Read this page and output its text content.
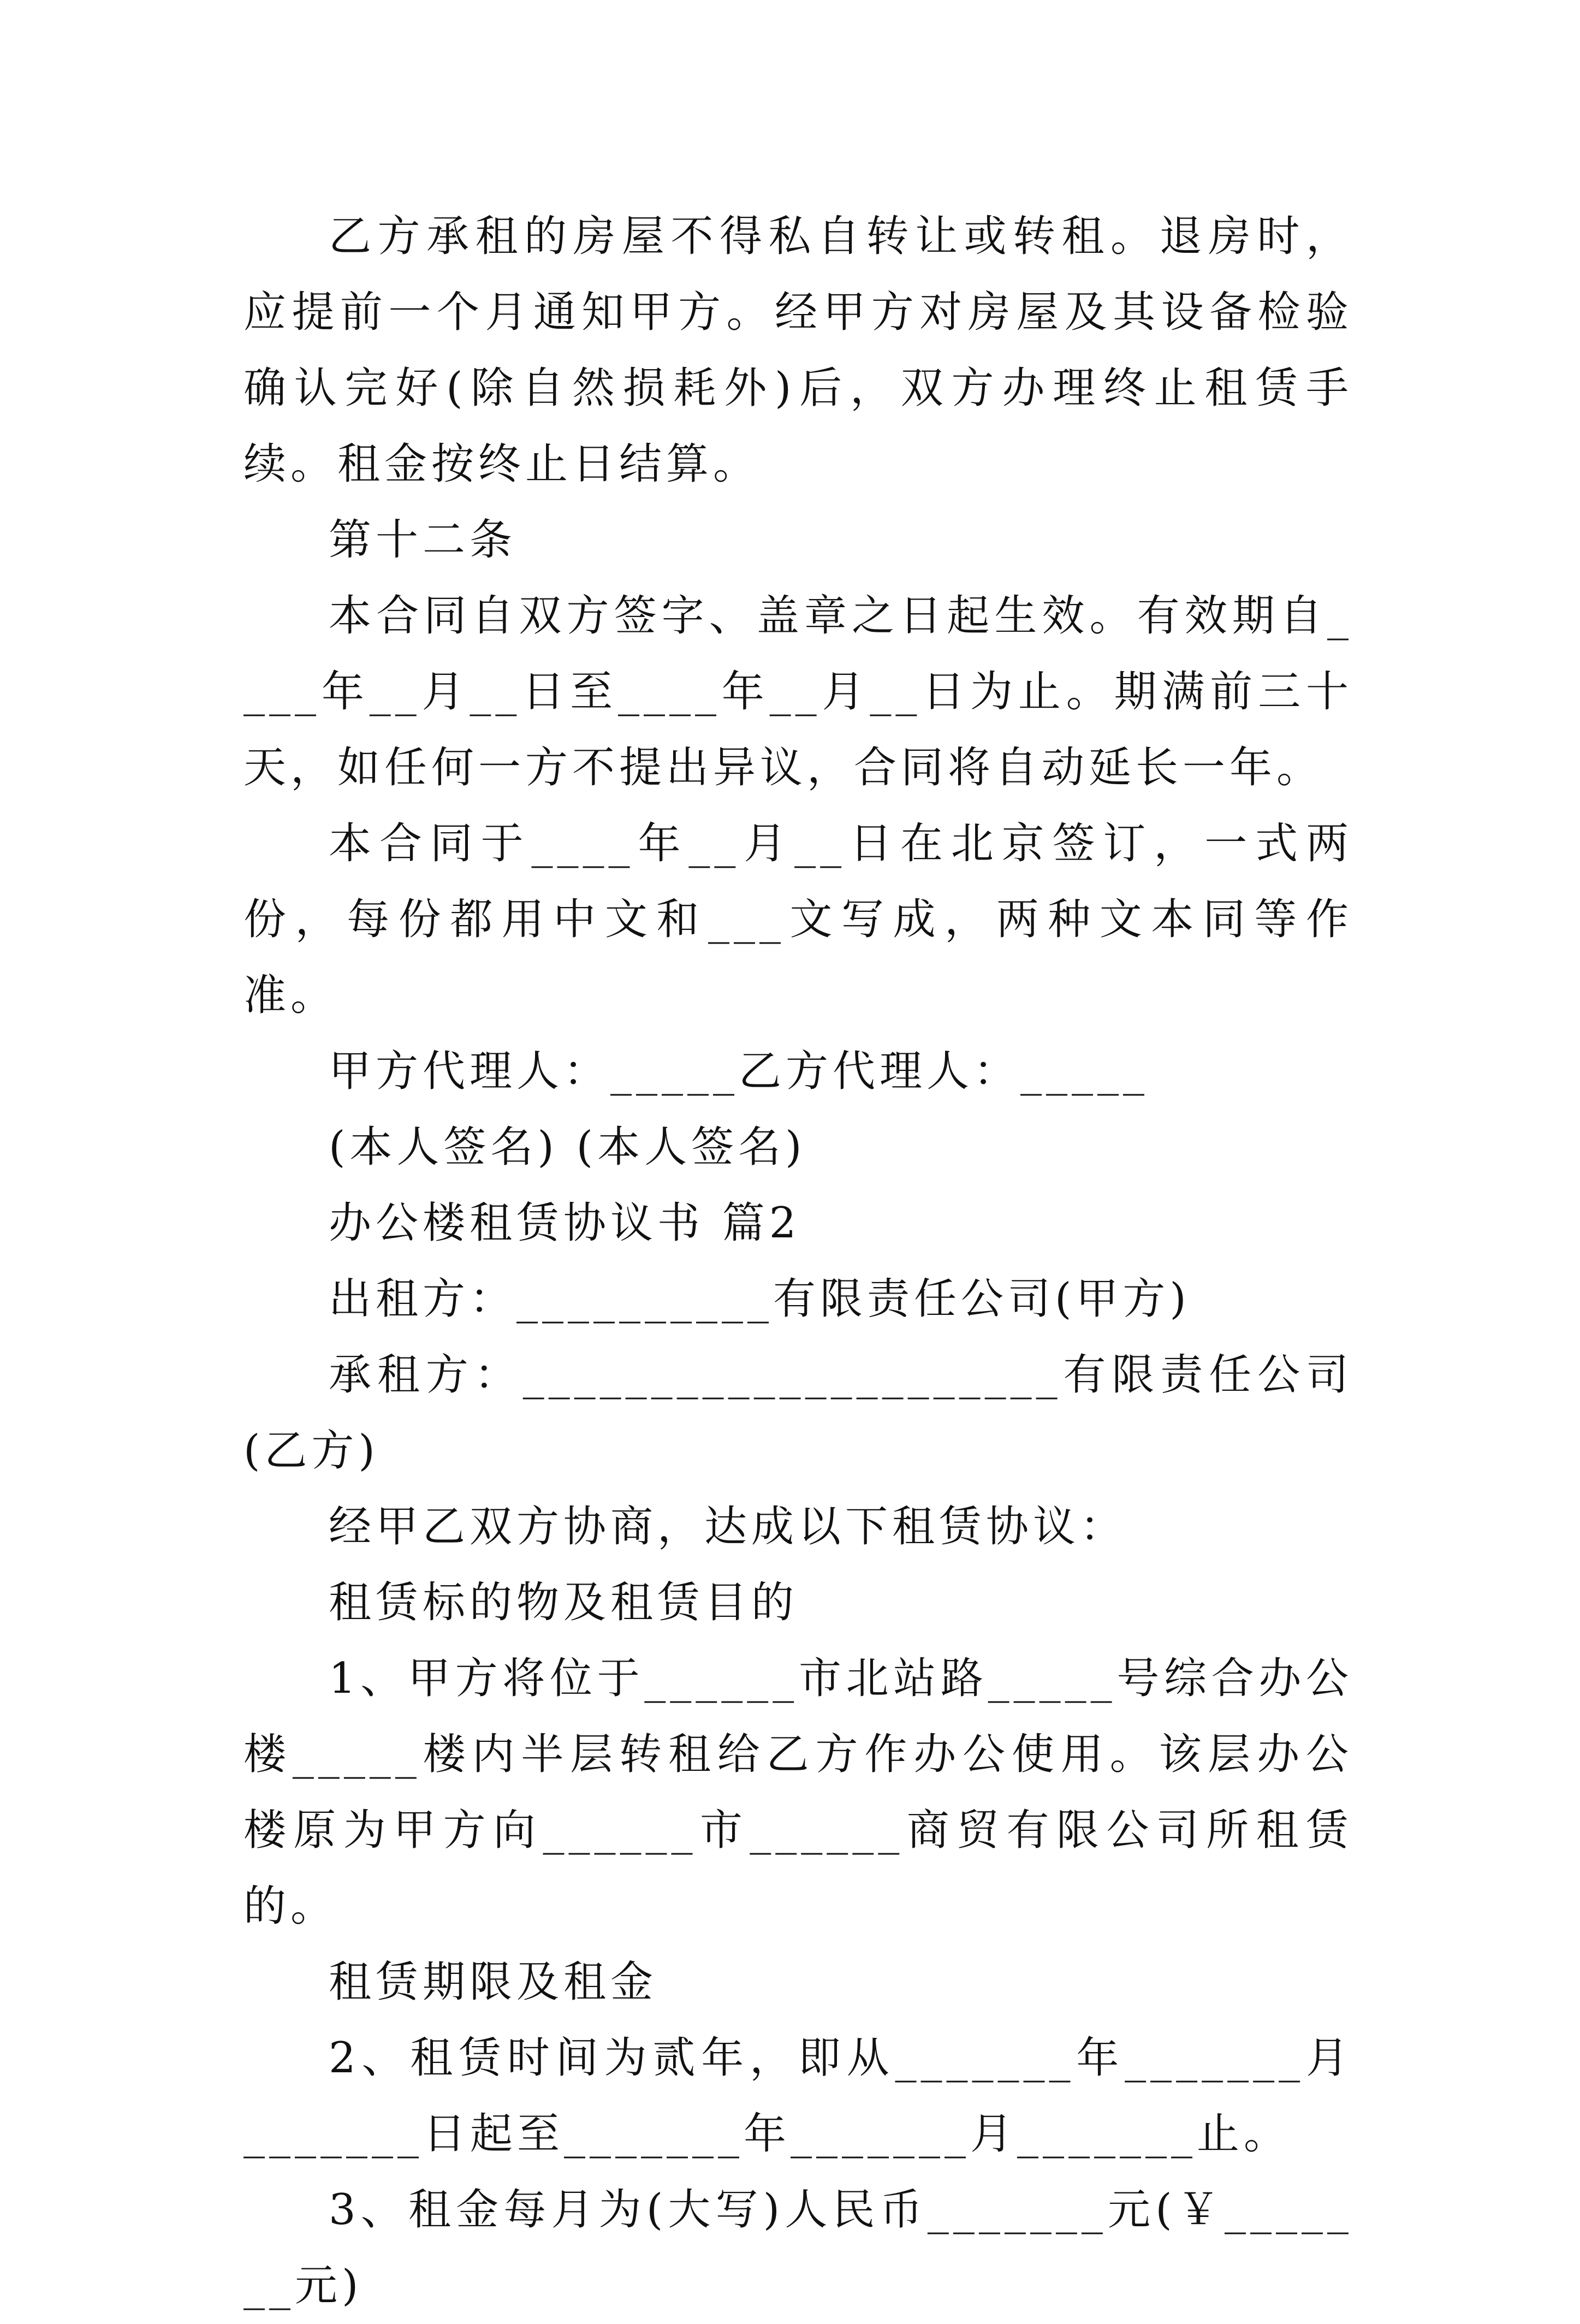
乙方承租的房屋不得私自转让或转租。退房时，应提前一个月通知甲方。经甲方对房屋及其设备检验确认完好(除自然损耗外)后，双方办理终止租赁手续。租金按终止日结算。

第十二条

本合同自双方签字、盖章之日起生效。有效期自____年__月__日至____年__月__日为止。期满前三十天，如任何一方不提出异议，合同将自动延长一年。

本合同于____年__月__日在北京签订，一式两份，每份都用中文和___文写成，两种文本同等作准。

甲方代理人：_____乙方代理人：_____

(本人签名) (本人签名)

办公楼租赁协议书 篇2

出租方：__________有限责任公司(甲方)

承租方：_____________________有限责任公司(乙方)

经甲乙双方协商，达成以下租赁协议：

租赁标的物及租赁目的

1、甲方将位于______市北站路_____号综合办公楼_____楼内半层转租给乙方作办公使用。该层办公楼原为甲方向______市______商贸有限公司所租赁的。

租赁期限及租金

2、租赁时间为贰年，即从_______年_______月_______日起至_______年_______月_______止。

3、租金每月为(大写)人民币_______元(￥_______元)
